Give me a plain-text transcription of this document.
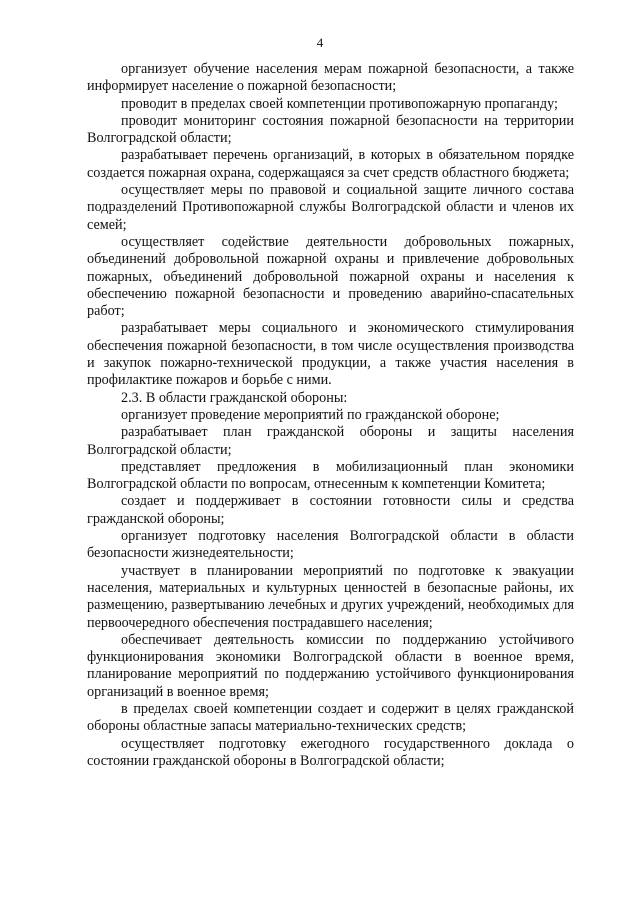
4

организует обучение населения мерам пожарной безопасности, а также информирует население о пожарной безопасности;

проводит в пределах своей компетенции противопожарную пропаганду;

проводит мониторинг состояния пожарной безопасности на территории Волгоградской области;

разрабатывает перечень организаций, в которых в обязательном порядке создается пожарная охрана, содержащаяся за счет средств областного бюджета;

осуществляет меры по правовой и социальной защите личного состава подразделений Противопожарной службы Волгоградской области и членов их семей;

осуществляет содействие деятельности добровольных пожарных, объединений добровольной пожарной охраны и привлечение добровольных пожарных, объединений добровольной пожарной охраны и населения к обеспечению пожарной безопасности и проведению аварийно-спасательных работ;

разрабатывает меры социального и экономического стимулирования обеспечения пожарной безопасности, в том числе осуществления производства и закупок пожарно-технической продукции, а также участия населения в профилактике пожаров и борьбе с ними.

2.3. В области гражданской обороны:

организует проведение мероприятий по гражданской обороне;

разрабатывает план гражданской обороны и защиты населения Волгоградской области;

представляет предложения в мобилизационный план экономики Волгоградской области по вопросам, отнесенным к компетенции Комитета;

создает и поддерживает в состоянии готовности силы и средства гражданской обороны;

организует подготовку населения Волгоградской области в области безопасности жизнедеятельности;

участвует в планировании мероприятий по подготовке к эвакуации населения, материальных и культурных ценностей в безопасные районы, их размещению, развертыванию лечебных и других учреждений, необходимых для первоочередного обеспечения пострадавшего населения;

обеспечивает деятельность комиссии по поддержанию устойчивого функционирования экономики Волгоградской области в военное время, планирование мероприятий по поддержанию устойчивого функционирования организаций в военное время;

в пределах своей компетенции создает и содержит в целях гражданской обороны областные запасы материально-технических средств;

осуществляет подготовку ежегодного государственного доклада о состоянии гражданской обороны в Волгоградской области;
